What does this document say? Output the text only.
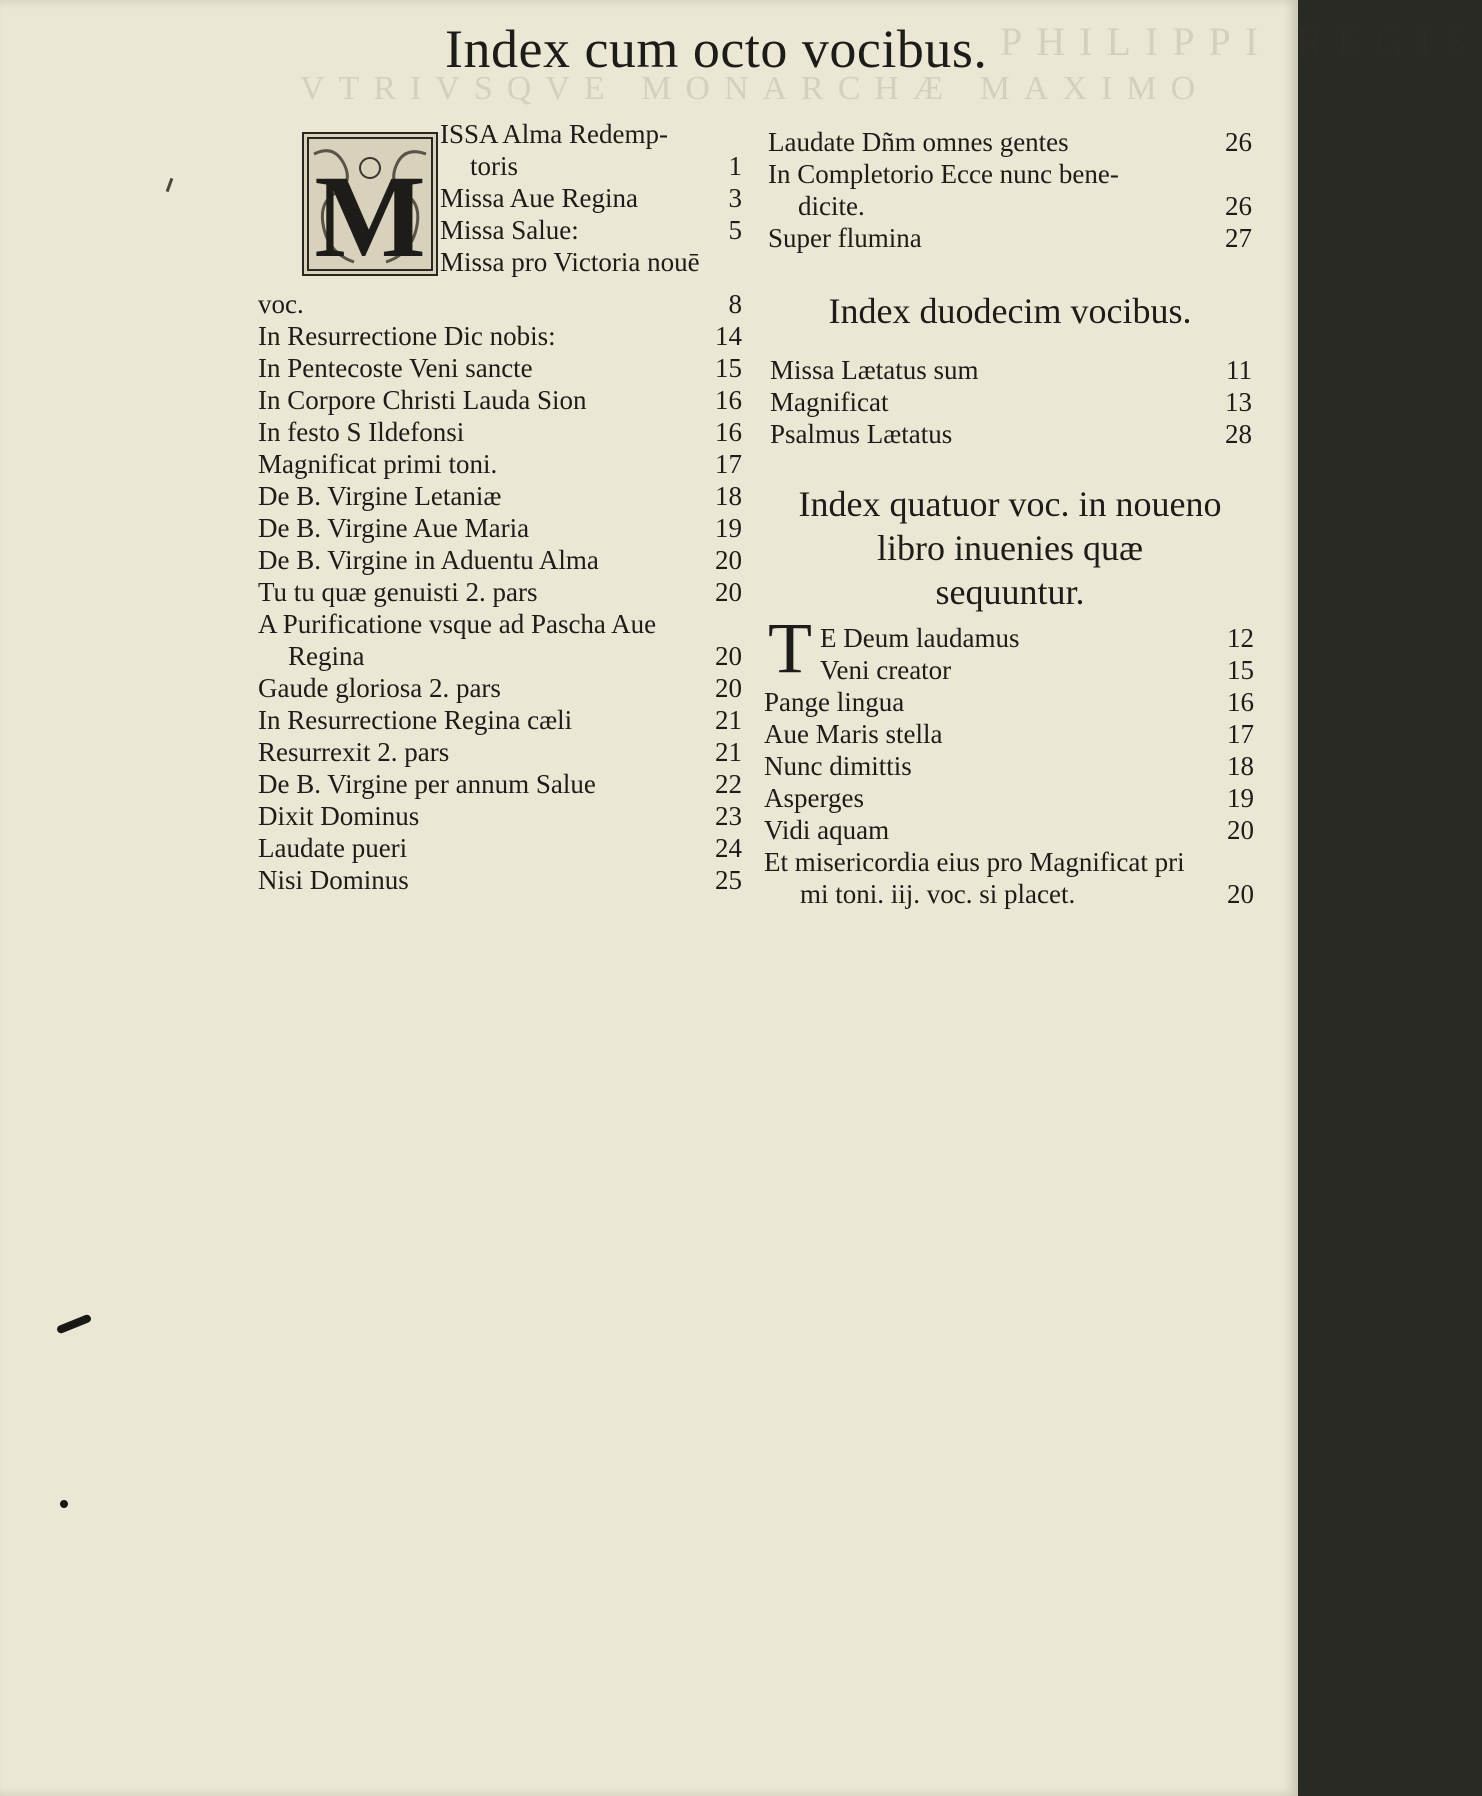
PHILIPPI REGIS
VTRIVSQVE MONARCHÆ MAXIMO
Index cum octo vocibus.
M
ISSA Alma Redemp-
toris	1
Missa Aue Regina	3
Missa Salue:	5
Missa pro Victoria nouē
voc.	8
In Resurrectione Dic nobis:	14
In Pentecoste Veni sancte	15
In Corpore Christi Lauda Sion	16
In festo S Ildefonsi	16
Magnificat primi toni.	17
De B. Virgine Letaniæ	18
De B. Virgine Aue Maria	19
De B. Virgine in Aduentu Alma	20
Tu tu quæ genuisti 2. pars	20
A Purificatione vsque ad Pascha Aue
Regina	20
Gaude gloriosa 2. pars	20
In Resurrectione Regina cæli	21
Resurrexit 2. pars	21
De B. Virgine per annum Salue	22
Dixit Dominus	23
Laudate pueri	24
Nisi Dominus	25
Laudate Dñm omnes gentes	26
In Completorio Ecce nunc bene-
dicite.	26
Super flumina	27
Index duodecim vocibus.
Missa Lætatus sum	11
Magnificat	13
Psalmus Lætatus	28
Index quatuor voc. in noueno
libro inuenies quæ
sequuntur.
T E Deum laudamus	12
Veni creator	15
Pange lingua	16
Aue Maris stella	17
Nunc dimittis	18
Asperges	19
Vidi aquam	20
Et misericordia eius pro Magnificat pri
mi toni. iij. voc. si placet.	20
